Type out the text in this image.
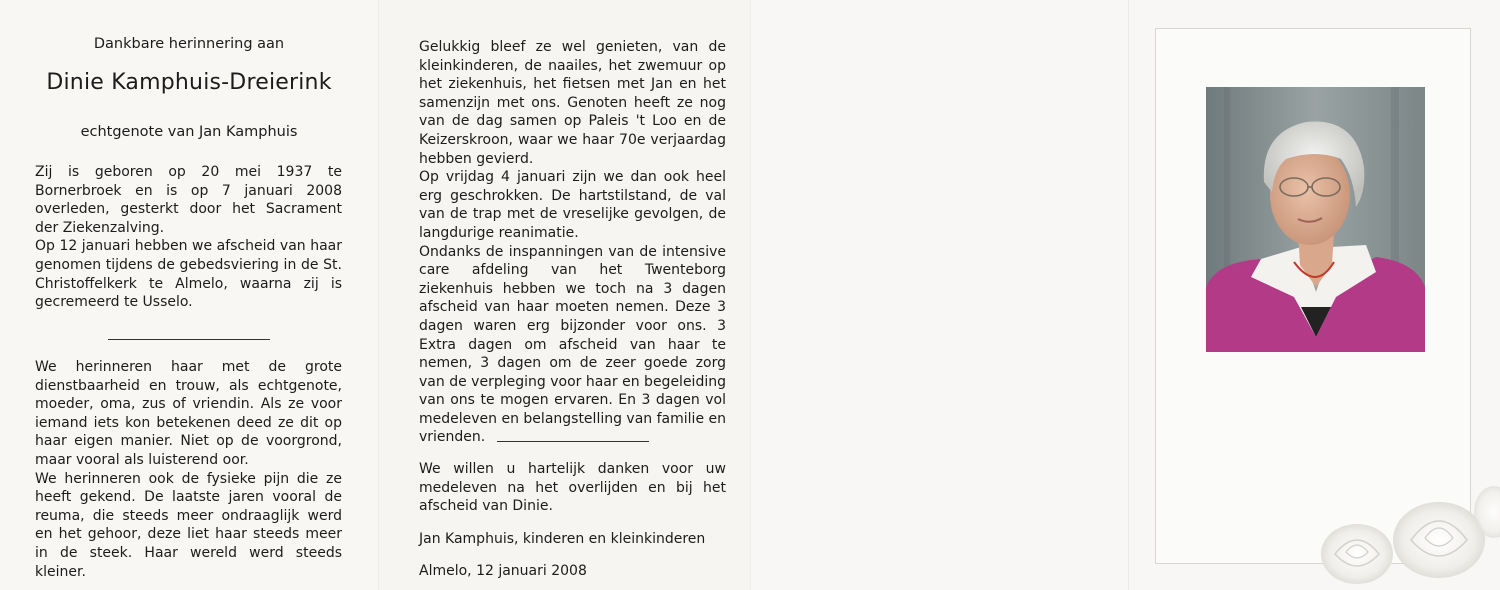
Dankbare herinnering aan
Dinie Kamphuis-Dreierink
echtgenote van Jan Kamphuis
Zij is geboren op 20 mei 1937 te Bornerbroek en is op 7 januari 2008 overleden, gesterkt door het Sacrament der Ziekenzalving.
Op 12 januari hebben we afscheid van haar genomen tijdens de gebedsviering in de St. Christoffelkerk te Almelo, waarna zij is gecremeerd te Usselo.
We herinneren haar met de grote dienstbaarheid en trouw, als echtgenote, moeder, oma, zus of vriendin. Als ze voor iemand iets kon betekenen deed ze dit op haar eigen manier. Niet op de voorgrond, maar vooral als luisterend oor.
We herinneren ook de fysieke pijn die ze heeft gekend. De laatste jaren vooral de reuma, die steeds meer ondraaglijk werd en het gehoor, deze liet haar steeds meer in de steek. Haar wereld werd steeds kleiner.
Gelukkig bleef ze wel genieten, van de kleinkinderen, de naailes, het zwemuur op het ziekenhuis, het fietsen met Jan en het samenzijn met ons. Genoten heeft ze nog van de dag samen op Paleis 't Loo en de Keizerskroon, waar we haar 70e verjaardag hebben gevierd.
Op vrijdag 4 januari zijn we dan ook heel erg geschrokken. De hartstilstand, de val van de trap met de vreselijke gevolgen, de langdurige reanimatie.
Ondanks de inspanningen van de intensive care afdeling van het Twenteborg ziekenhuis hebben we toch na 3 dagen afscheid van haar moeten nemen. Deze 3 dagen waren erg bijzonder voor ons. 3 Extra dagen om afscheid van haar te nemen, 3 dagen om de zeer goede zorg van de verpleging voor haar en begeleiding van ons te mogen ervaren. En 3 dagen vol medeleven en belangstelling van familie en vrienden.
We willen u hartelijk danken voor uw medeleven na het overlijden en bij het afscheid van Dinie.
Jan Kamphuis, kinderen en kleinkinderen
Almelo, 12 januari 2008
